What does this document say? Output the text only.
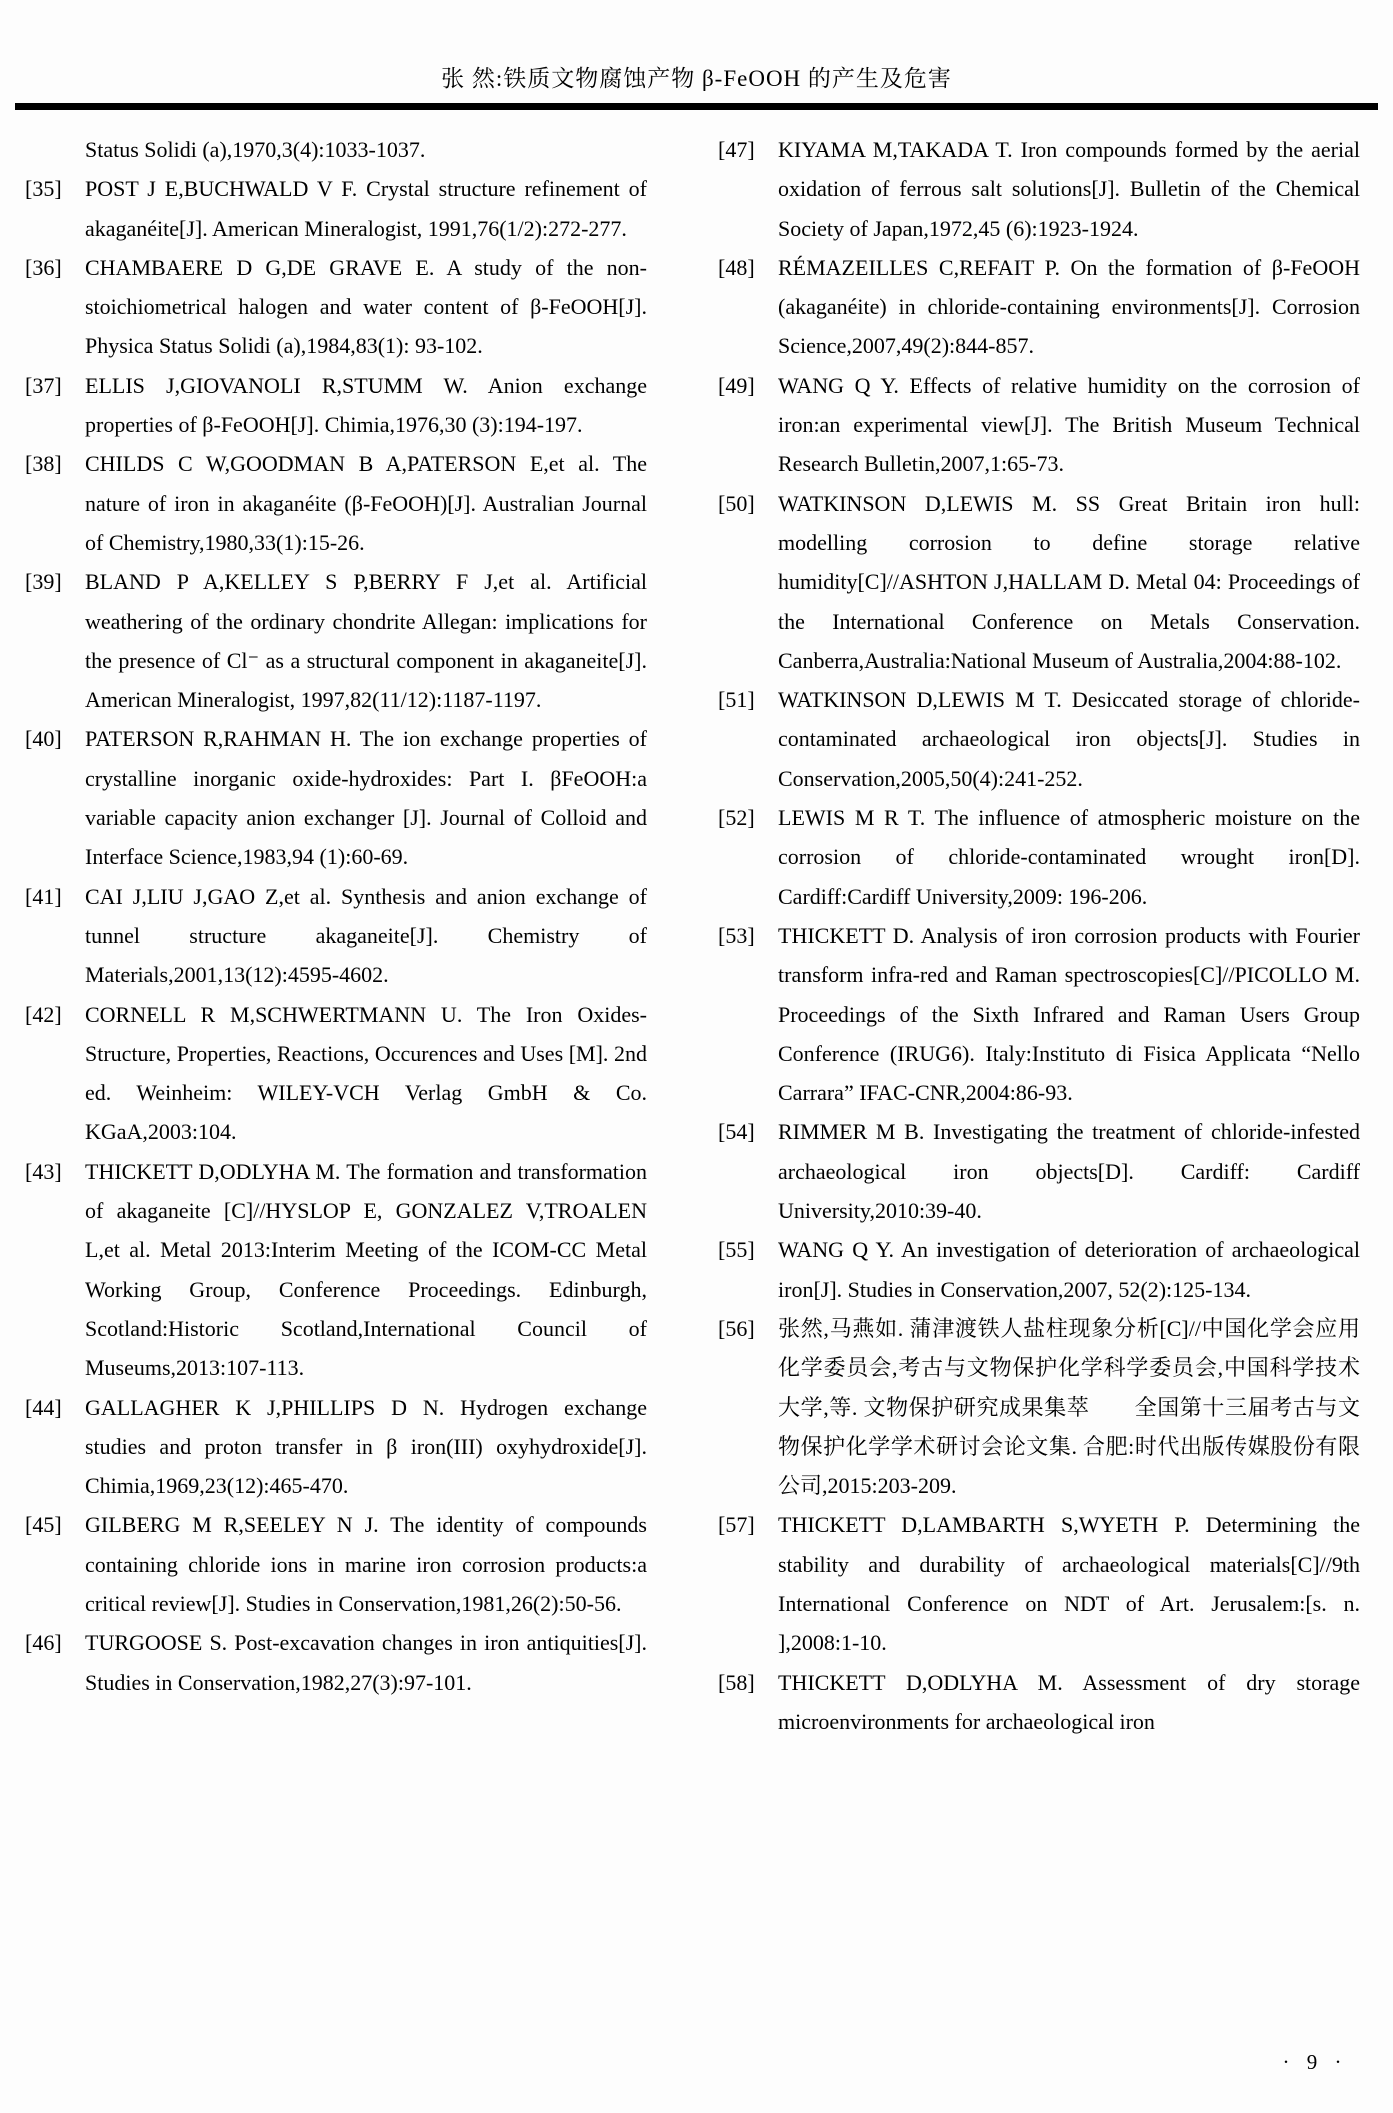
张 然:铁质文物腐蚀产物 β-FeOOH 的产生及危害
Status Solidi (a),1970,3(4):1033-1037.
[35]	POST J E,BUCHWALD V F. Crystal structure refinement of akaganéite[J]. American Mineralogist, 1991,76(1/2):272-277.
[36]	CHAMBAERE D G,DE GRAVE E. A study of the non-stoichiometrical halogen and water content of β-FeOOH[J]. Physica Status Solidi (a),1984,83(1): 93-102.
[37]	ELLIS J,GIOVANOLI R,STUMM W. Anion exchange properties of β-FeOOH[J]. Chimia,1976,30 (3):194-197.
[38]	CHILDS C W,GOODMAN B A,PATERSON E,et al. The nature of iron in akaganéite (β-FeOOH)[J]. Australian Journal of Chemistry,1980,33(1):15-26.
[39]	BLAND P A,KELLEY S P,BERRY F J,et al. Artificial weathering of the ordinary chondrite Allegan: implications for the presence of Cl⁻ as a structural component in akaganeite[J]. American Mineralogist, 1997,82(11/12):1187-1197.
[40]	PATERSON R,RAHMAN H. The ion exchange properties of crystalline inorganic oxide-hydroxides: Part I. βFeOOH:a variable capacity anion exchanger [J]. Journal of Colloid and Interface Science,1983,94 (1):60-69.
[41]	CAI J,LIU J,GAO Z,et al. Synthesis and anion exchange of tunnel structure akaganeite[J]. Chemistry of Materials,2001,13(12):4595-4602.
[42]	CORNELL R M,SCHWERTMANN U. The Iron Oxides-Structure, Properties, Reactions, Occurences and Uses [M]. 2nd ed. Weinheim: WILEY-VCH Verlag GmbH & Co. KGaA,2003:104.
[43]	THICKETT D,ODLYHA M. The formation and transformation of akaganeite [C]//HYSLOP E, GONZALEZ V,TROALEN L,et al. Metal 2013:Interim Meeting of the ICOM-CC Metal Working Group, Conference Proceedings. Edinburgh, Scotland:Historic Scotland,International Council of Museums,2013:107-113.
[44]	GALLAGHER K J,PHILLIPS D N. Hydrogen exchange studies and proton transfer in β iron(III) oxyhydroxide[J]. Chimia,1969,23(12):465-470.
[45]	GILBERG M R,SEELEY N J. The identity of compounds containing chloride ions in marine iron corrosion products:a critical review[J]. Studies in Conservation,1981,26(2):50-56.
[46]	TURGOOSE S. Post-excavation changes in iron antiquities[J]. Studies in Conservation,1982,27(3):97-101.
[47]	KIYAMA M,TAKADA T. Iron compounds formed by the aerial oxidation of ferrous salt solutions[J]. Bulletin of the Chemical Society of Japan,1972,45 (6):1923-1924.
[48]	RÉMAZEILLES C,REFAIT P. On the formation of β-FeOOH (akaganéite) in chloride-containing environments[J]. Corrosion Science,2007,49(2):844-857.
[49]	WANG Q Y. Effects of relative humidity on the corrosion of iron:an experimental view[J]. The British Museum Technical Research Bulletin,2007,1:65-73.
[50]	WATKINSON D,LEWIS M. SS Great Britain iron hull: modelling corrosion to define storage relative humidity[C]//ASHTON J,HALLAM D. Metal 04: Proceedings of the International Conference on Metals Conservation. Canberra,Australia:National Museum of Australia,2004:88-102.
[51]	WATKINSON D,LEWIS M T. Desiccated storage of chloride-contaminated archaeological iron objects[J]. Studies in Conservation,2005,50(4):241-252.
[52]	LEWIS M R T. The influence of atmospheric moisture on the corrosion of chloride-contaminated wrought iron[D]. Cardiff:Cardiff University,2009: 196-206.
[53]	THICKETT D. Analysis of iron corrosion products with Fourier transform infra-red and Raman spectroscopies[C]//PICOLLO M. Proceedings of the Sixth Infrared and Raman Users Group Conference (IRUG6). Italy:Instituto di Fisica Applicata “Nello Carrara” IFAC-CNR,2004:86-93.
[54]	RIMMER M B. Investigating the treatment of chloride-infested archaeological iron objects[D]. Cardiff: Cardiff University,2010:39-40.
[55]	WANG Q Y. An investigation of deterioration of archaeological iron[J]. Studies in Conservation,2007, 52(2):125-134.
[56]	张然,马燕如. 蒲津渡铁人盐柱现象分析[C]//中国化学会应用化学委员会,考古与文物保护化学科学委员会,中国科学技术大学,等. 文物保护研究成果集萃　　全国第十三届考古与文物保护化学学术研讨会论文集. 合肥:时代出版传媒股份有限公司,2015:203-209.
[57]	THICKETT D,LAMBARTH S,WYETH P. Determining the stability and durability of archaeological materials[C]//9th International Conference on NDT of Art. Jerusalem:[s. n. ],2008:1-10.
[58]	THICKETT D,ODLYHA M. Assessment of dry storage microenvironments for archaeological iron
· 9 ·
